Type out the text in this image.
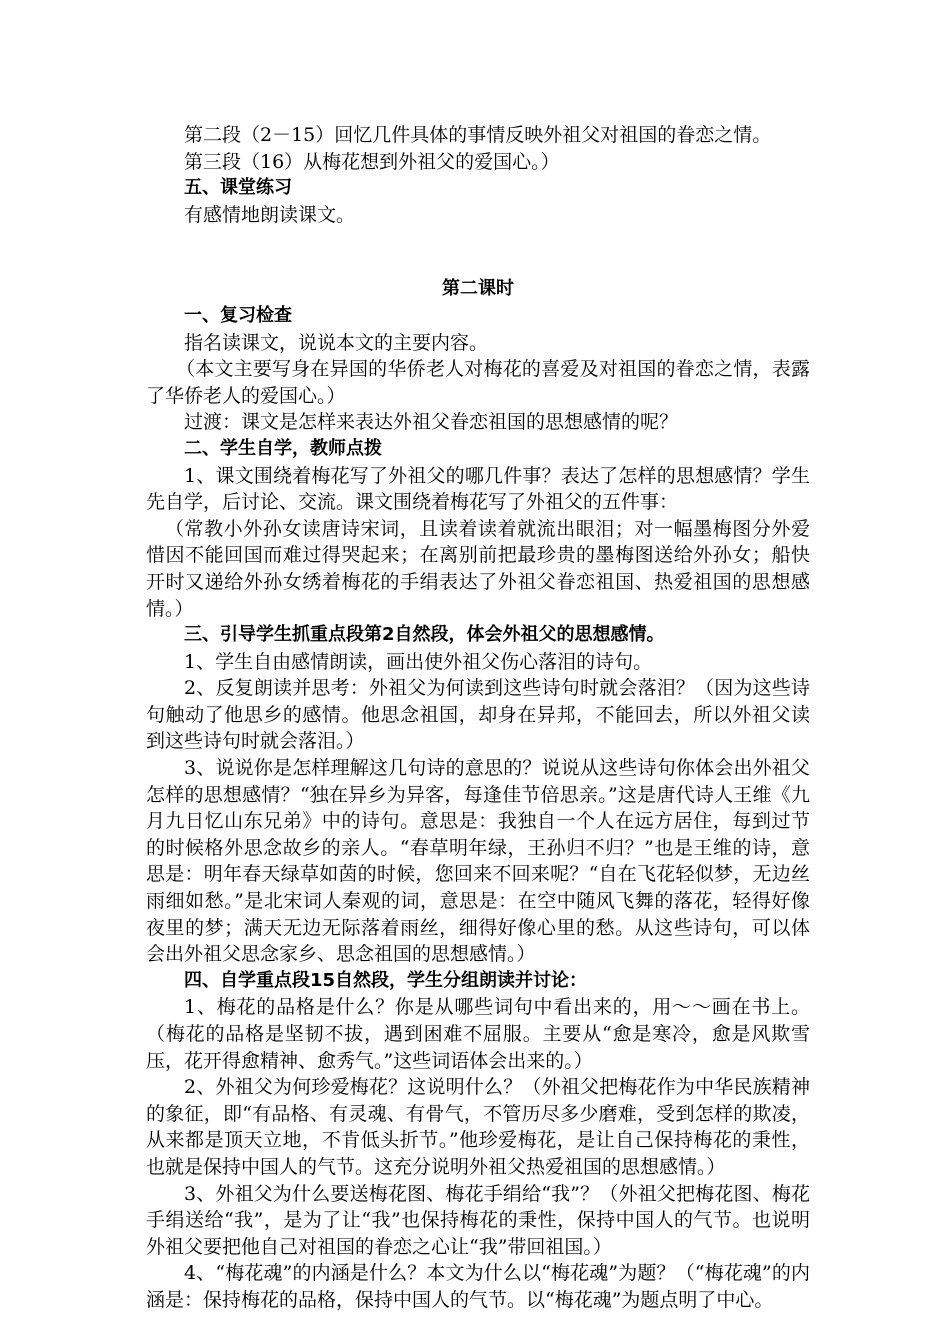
第二段（2－15）回忆几件具体的事情反映外祖父对祖国的眷恋之情。

第三段（16）从梅花想到外祖父的爱国心。）

五、课堂练习

有感情地朗读课文。

第二课时

一、复习检查

指名读课文，说说本文的主要内容。

（本文主要写身在异国的华侨老人对梅花的喜爱及对祖国的眷恋之情，表露了华侨老人的爱国心。）

过渡：课文是怎样来表达外祖父眷恋祖国的思想感情的呢？

二、学生自学，教师点拨

1、课文围绕着梅花写了外祖父的哪几件事？表达了怎样的思想感情？学生先自学，后讨论、交流。课文围绕着梅花写了外祖父的五件事：

（常教小外孙女读唐诗宋词，且读着读着就流出眼泪；对一幅墨梅图分外爱惜因不能回国而难过得哭起来；在离别前把最珍贵的墨梅图送给外孙女；船快开时又递给外孙女绣着梅花的手绢表达了外祖父眷恋祖国、热爱祖国的思想感情。）

三、引导学生抓重点段第2自然段，体会外祖父的思想感情。

1、学生自由感情朗读，画出使外祖父伤心落泪的诗句。

2、反复朗读并思考：外祖父为何读到这些诗句时就会落泪？（因为这些诗句触动了他思乡的感情。他思念祖国，却身在异邦，不能回去，所以外祖父读到这些诗句时就会落泪。）

3、说说你是怎样理解这几句诗的意思的？说说从这些诗句你体会出外祖父怎样的思想感情？“独在异乡为异客，每逢佳节倍思亲。”这是唐代诗人王维《九月九日忆山东兄弟》中的诗句。意思是：我独自一个人在远方居住，每到过节的时候格外思念故乡的亲人。“春草明年绿，王孙归不归？”也是王维的诗，意思是：明年春天绿草如茵的时候，您回来不回来呢？“自在飞花轻似梦，无边丝雨细如愁。”是北宋词人秦观的词，意思是：在空中随风飞舞的落花，轻得好像夜里的梦；满天无边无际落着雨丝，细得好像心里的愁。从这些诗句，可以体会出外祖父思念家乡、思念祖国的思想感情。）

四、自学重点段15自然段，学生分组朗读并讨论：

1、梅花的品格是什么？你是从哪些词句中看出来的，用～～画在书上。（梅花的品格是坚韧不拔，遇到困难不屈服。主要从“愈是寒冷，愈是风欺雪压，花开得愈精神、愈秀气。”这些词语体会出来的。）

2、外祖父为何珍爱梅花？这说明什么？（外祖父把梅花作为中华民族精神的象征，即“有品格、有灵魂、有骨气，不管历尽多少磨难，受到怎样的欺凌，从来都是顶天立地，不肯低头折节。”他珍爱梅花，是让自己保持梅花的秉性，也就是保持中国人的气节。这充分说明外祖父热爱祖国的思想感情。）

3、外祖父为什么要送梅花图、梅花手绢给“我”？（外祖父把梅花图、梅花手绢送给“我”，是为了让“我”也保持梅花的秉性，保持中国人的气节。也说明外祖父要把他自己对祖国的眷恋之心让“我”带回祖国。）

4、“梅花魂”的内涵是什么？本文为什么以“梅花魂”为题？（“梅花魂”的内涵是：保持梅花的品格，保持中国人的气节。以“梅花魂”为题点明了中心。
